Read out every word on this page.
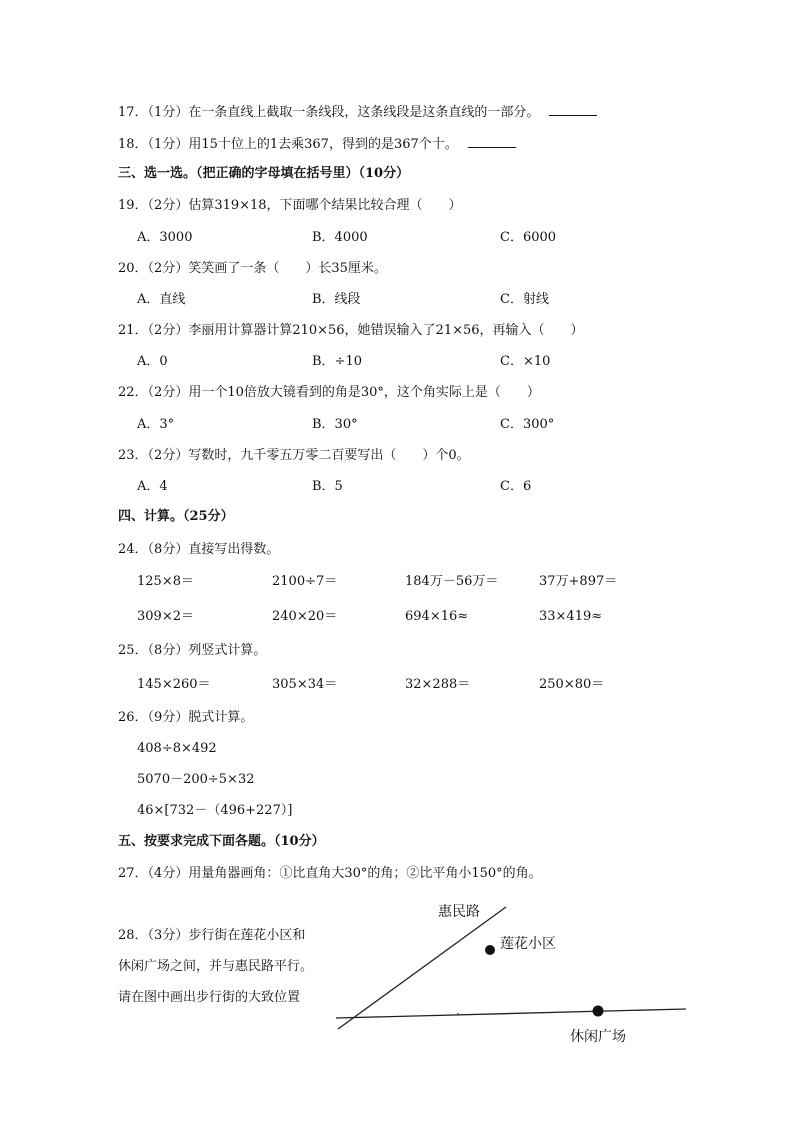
17．（1分）在一条直线上截取一条线段，这条线段是这条直线的一部分。
18．（1分）用15十位上的1去乘367，得到的是367个十。
三、选一选。（把正确的字母填在括号里）（10分）
19．（2分）估算319×18，下面哪个结果比较合理（　　）
A．3000	B．4000	C．6000
20．（2分）笑笑画了一条（　　）长35厘米。
A．直线	B．线段	C．射线
21．（2分）李丽用计算器计算210×56，她错误输入了21×56，再输入（　　）
A．0	B．÷10	C．×10
22．（2分）用一个10倍放大镜看到的角是30°，这个角实际上是（　　）
A．3°	B．30°	C．300°
23．（2分）写数时，九千零五万零二百要写出（　　）个0。
A．4	B．5	C．6
四、计算。（25分）
24．（8分）直接写出得数。
125×8＝	2100÷7＝	184万－56万＝	37万+897＝
309×2＝	240×20＝	694×16≈	33×419≈
25．（8分）列竖式计算。
145×260＝	305×34＝	32×288＝	250×80＝
26．（9分）脱式计算。
408÷8×492
5070－200÷5×32
46×[732－（496+227）]
五、按要求完成下面各题。（10分）
27．（4分）用量角器画角：①比直角大30°的角；②比平角小150°的角。
28．（3分）步行街在莲花小区和
休闲广场之间，并与惠民路平行。
请在图中画出步行街的大致位置
惠民路
莲花小区
休闲广场
